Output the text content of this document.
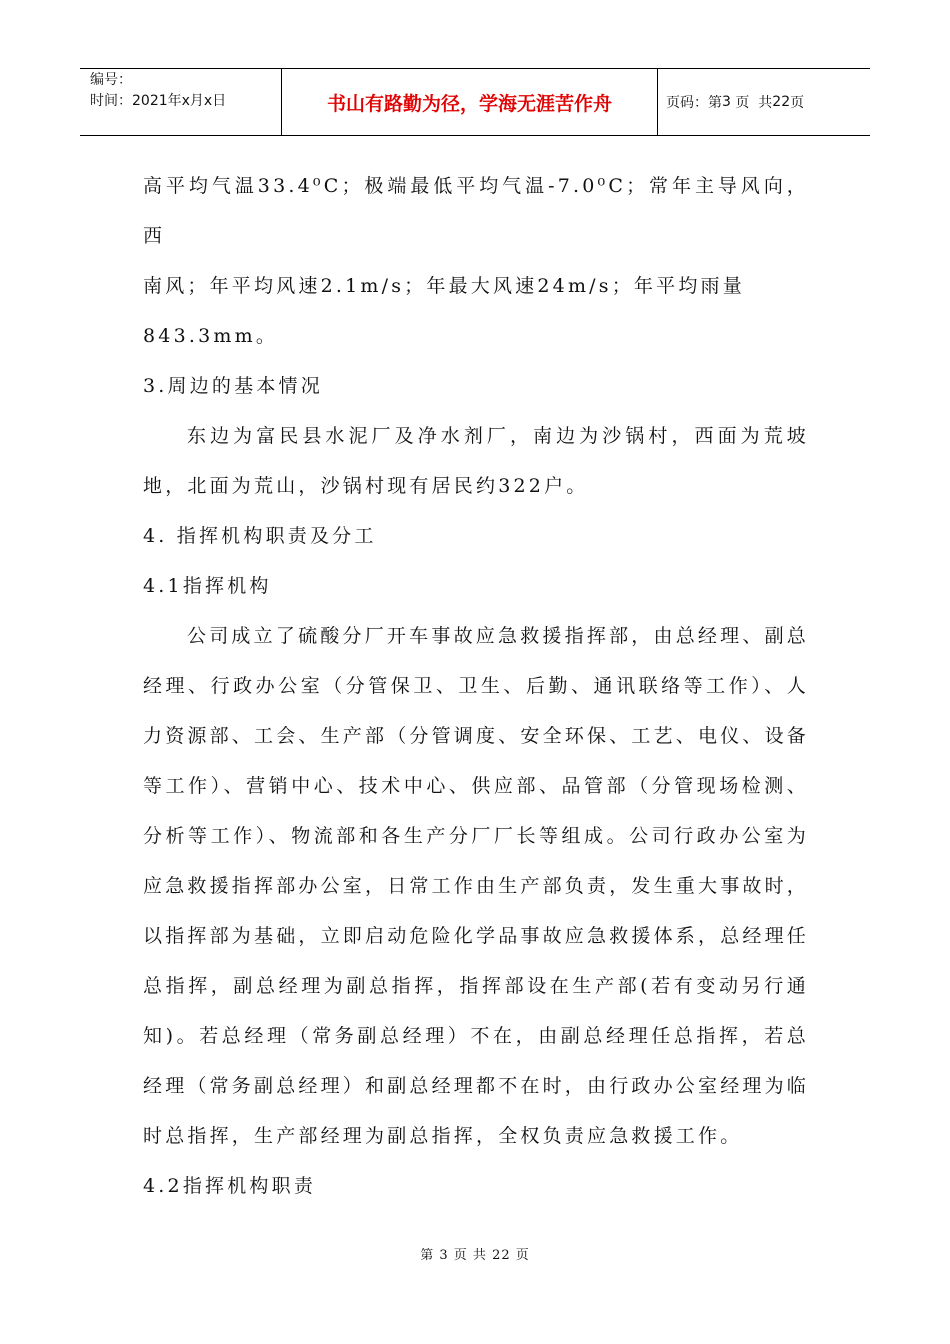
编号：
时间：2021年x月x日	书山有路勤为径，学海无涯苦作舟	页码：第 3
页  共 22 页

高平均气温33.4⁰C；极端最低平均气温-7.0⁰C；常年主导风向，西

南风；年平均风速2.1m/s；年最大风速24m/s；年平均雨量

843.3mm。

3.周边的基本情况

东边为富民县水泥厂及净水剂厂，南边为沙锅村，西面为荒坡地，北面为荒山，沙锅村现有居民约322户。

4. 指挥机构职责及分工

4.1指挥机构

公司成立了硫酸分厂开车事故应急救援指挥部，由总经理、副总经理、行政办公室（分管保卫、卫生、后勤、通讯联络等工作）、人力资源部、工会、生产部（分管调度、安全环保、工艺、电仪、设备等工作）、营销中心、技术中心、供应部、品管部（分管现场检测、分析等工作）、物流部和各生产分厂厂长等组成。公司行政办公室为应急救援指挥部办公室，日常工作由生产部负责，发生重大事故时，以指挥部为基础，立即启动危险化学品事故应急救援体系，总经理任总指挥，副总经理为副总指挥，指挥部设在生产部(若有变动另行通知)。若总经理（常务副总经理）不在，由副总经理任总指挥，若总经理（常务副总经理）和副总经理都不在时，由行政办公室经理为临时总指挥，生产部经理为副总指挥，全权负责应急救援工作。

4.2指挥机构职责

第 3 页 共 22 页
